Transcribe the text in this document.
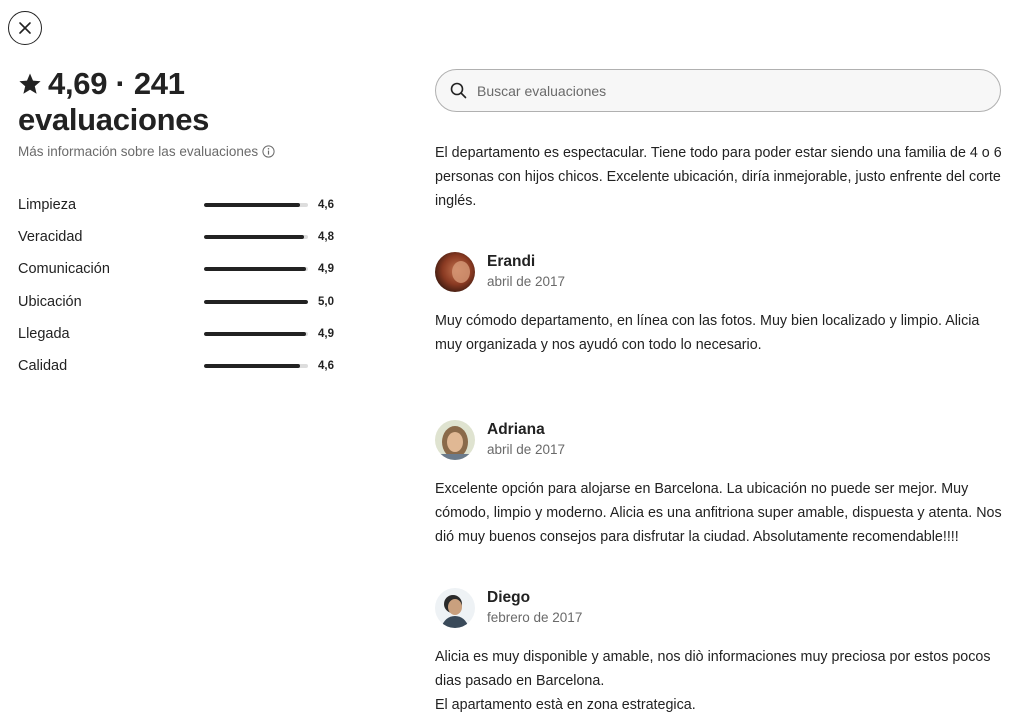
4,69 · 241
evaluaciones
Más información sobre las evaluaciones
Limpieza	4,6
Veracidad	4,8
Comunicación	4,9
Ubicación	5,0
Llegada	4,9
Calidad	4,6
Buscar evaluaciones

El departamento es espectacular. Tiene todo para poder estar siendo una familia de 4 o 6 personas con hijos chicos. Excelente ubicación, diría inmejorable, justo enfrente del corte inglés.

Erandi
abril de 2017

Muy cómodo departamento, en línea con las fotos. Muy bien localizado y limpio. Alicia muy organizada y nos ayudó con todo lo necesario.

Adriana
abril de 2017

Excelente opción para alojarse en Barcelona. La ubicación no puede ser mejor. Muy cómodo, limpio y moderno. Alicia es una anfitriona super amable, dispuesta y atenta. Nos dió muy buenos consejos para disfrutar la ciudad. Absolutamente recomendable!!!!

Diego
febrero de 2017

Alicia es muy disponible y amable, nos diò informaciones muy preciosa por estos pocos dias pasado en Barcelona.
El apartamento està en zona estrategica.
